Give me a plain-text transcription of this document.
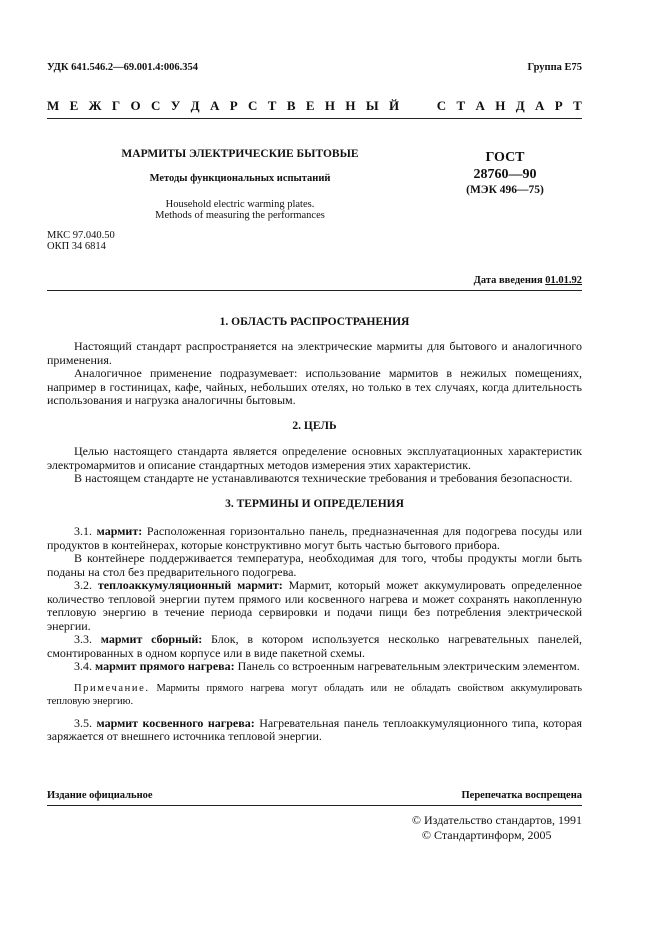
УДК 641.546.2—69.001.4:006.354	Группа Е75
М Е Ж Г О С У Д А Р С Т В Е Н Н Ы Й

	С Т А Н Д А Р Т
МАРМИТЫ ЭЛЕКТРИЧЕСКИЕ БЫТОВЫЕ
Методы функциональных испытаний
Household electric warming plates.
Methods of measuring the performances
ГОСТ
28760—90
(МЭК 496—75)
МКС 97.040.50
ОКП 34 6814
Дата введения 01.01.92
1. ОБЛАСТЬ РАСПРОСТРАНЕНИЯ

Настоящий стандарт распространяется на электрические мармиты для бытового и аналогичного применения.

Аналогичное применение подразумевает: использование мармитов в нежилых помещениях, например в гостиницах, кафе, чайных, небольших отелях, но только в тех случаях, когда длительность использования и нагрузка аналогичны бытовым.

2. ЦЕЛЬ

Целью настоящего стандарта является определение основных эксплуатационных характеристик электромармитов и описание стандартных методов измерения этих характеристик.

В настоящем стандарте не устанавливаются технические требования и требования безопасности.

3. ТЕРМИНЫ И ОПРЕДЕЛЕНИЯ

3.1. мармит: Расположенная горизонтально панель, предназначенная для подогрева посуды или продуктов в контейнерах, которые конструктивно могут быть частью бытового прибора.

В контейнере поддерживается температура, необходимая для того, чтобы продукты могли быть поданы на стол без предварительного подогрева.

3.2. теплоаккумуляционный мармит: Мармит, который может аккумулировать определенное количество тепловой энергии путем прямого или косвенного нагрева и может сохранять накопленную тепловую энергию в течение периода сервировки и подачи пищи без потребления электрической энергии.

3.3. мармит сборный: Блок, в котором используется несколько нагревательных панелей, смонтированных в одном корпусе или в виде пакетной схемы.

3.4. мармит прямого нагрева: Панель со встроенным нагревательным электрическим элементом.

Примечание. Мармиты прямого нагрева могут обладать или не обладать свойством аккумулировать тепловую энергию.

3.5. мармит косвенного нагрева: Нагревательная панель теплоаккумуляционного типа, которая заряжается от внешнего источника тепловой энергии.

Издание официальное	Перепечатка воспрещена
© Издательство стандартов, 1991
© Стандартинформ, 2005
